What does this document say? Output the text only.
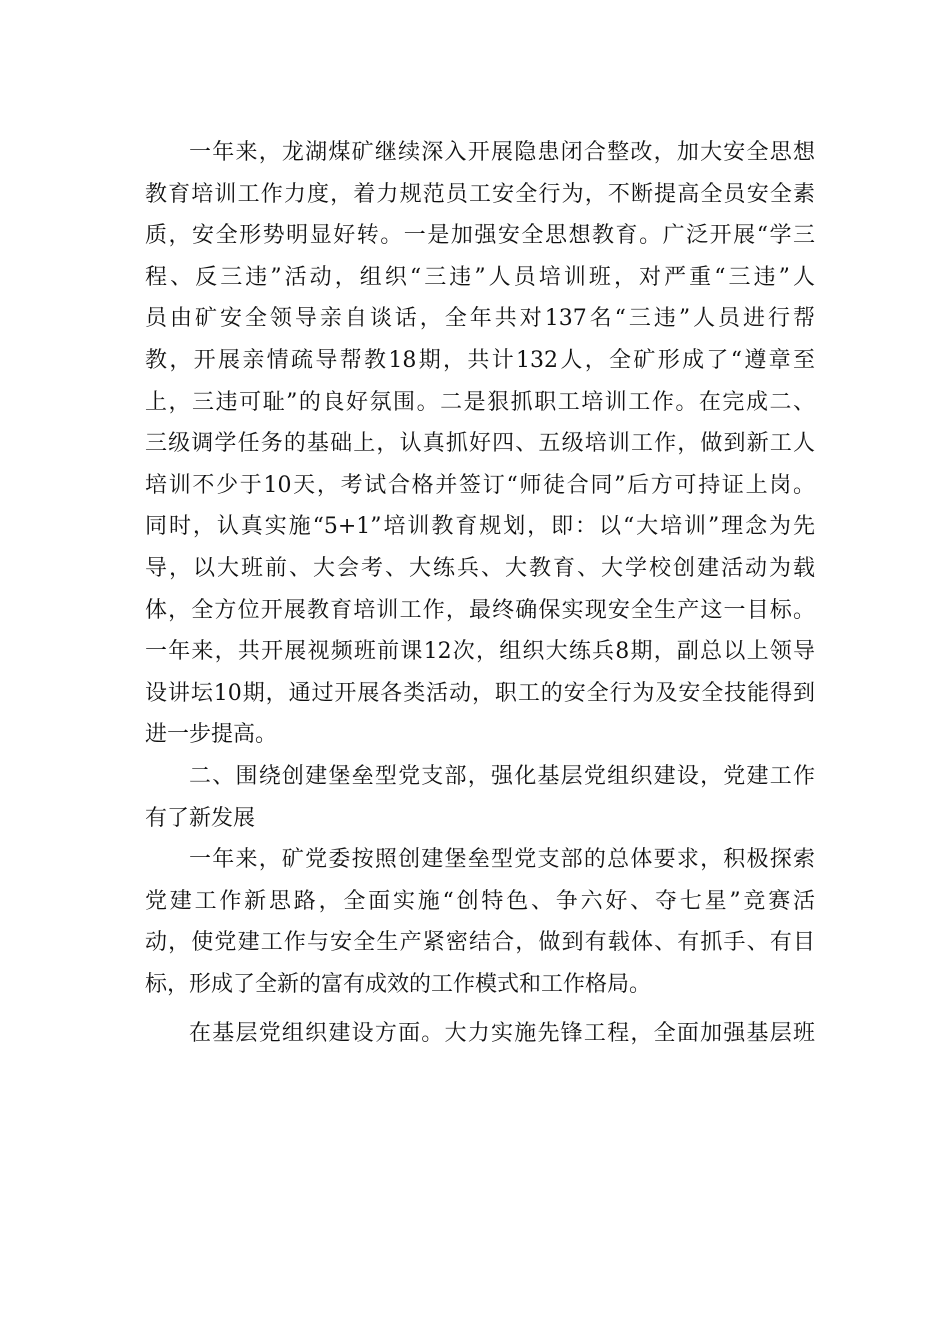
一年来，龙湖煤矿继续深入开展隐患闭合整改，加大安全思想
教育培训工作力度，着力规范员工安全行为，不断提高全员安全素
质，安全形势明显好转。一是加强安全思想教育。广泛开展“学三
程、反三违”活动，组织“三违”人员培训班，对严重“三违”人
员由矿安全领导亲自谈话，全年共对137名“三违”人员进行帮
教，开展亲情疏导帮教18期，共计132人，全矿形成了“遵章至
上，三违可耻”的良好氛围。二是狠抓职工培训工作。在完成二、
三级调学任务的基础上，认真抓好四、五级培训工作，做到新工人
培训不少于10天，考试合格并签订“师徒合同”后方可持证上岗。
同时，认真实施“5+1”培训教育规划，即：以“大培训”理念为先
导，以大班前、大会考、大练兵、大教育、大学校创建活动为载
体，全方位开展教育培训工作，最终确保实现安全生产这一目标。
一年来，共开展视频班前课12次，组织大练兵8期，副总以上领导
设讲坛10期，通过开展各类活动，职工的安全行为及安全技能得到
进一步提高。
二、围绕创建堡垒型党支部，强化基层党组织建设，党建工作
有了新发展
一年来，矿党委按照创建堡垒型党支部的总体要求，积极探索
党建工作新思路，全面实施“创特色、争六好、夺七星”竞赛活
动，使党建工作与安全生产紧密结合，做到有载体、有抓手、有目
标，形成了全新的富有成效的工作模式和工作格局。
在基层党组织建设方面。大力实施先锋工程，全面加强基层班
